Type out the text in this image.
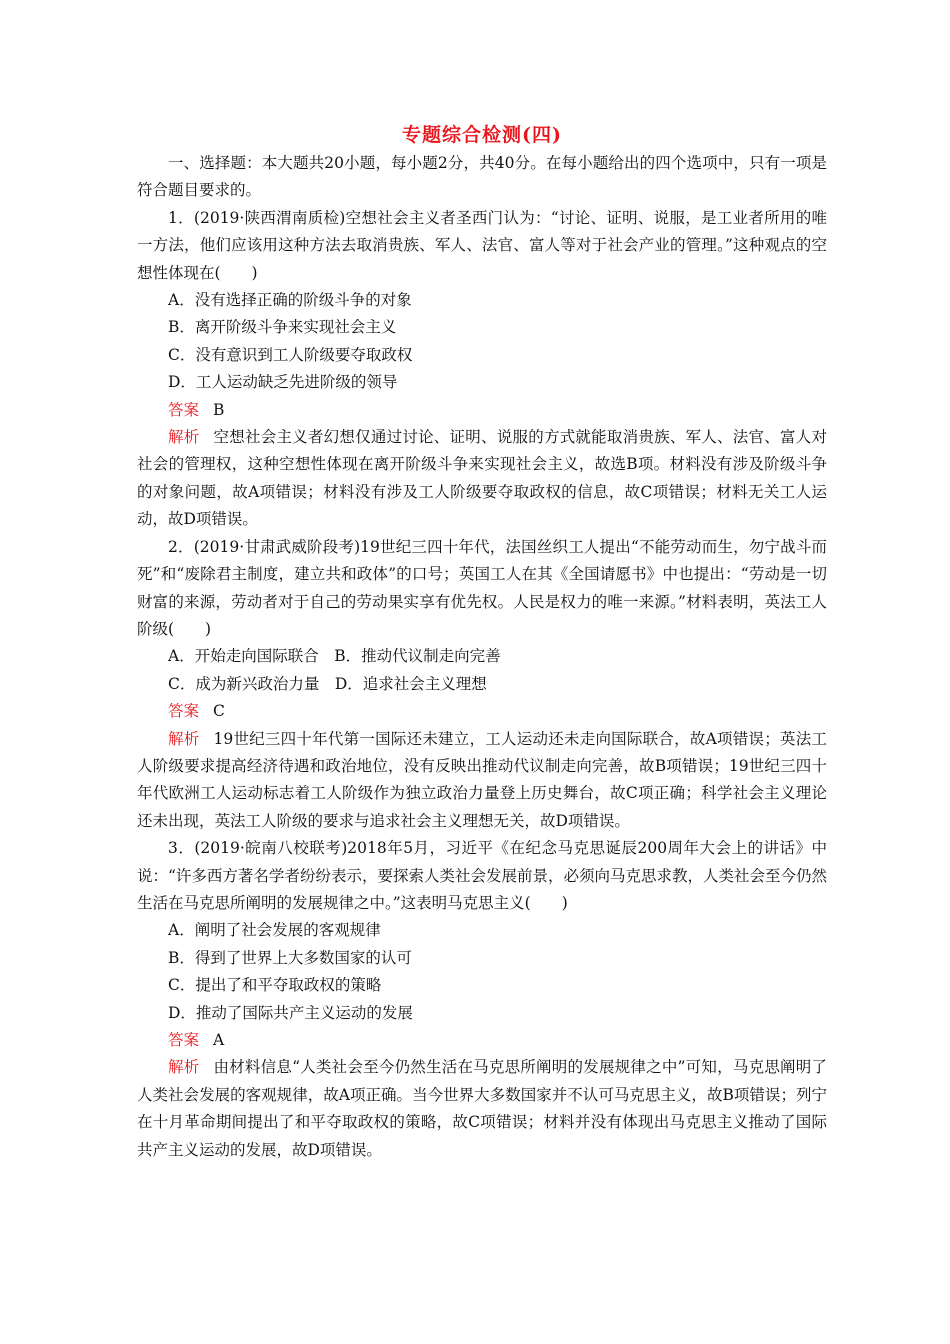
专题综合检测(四)

一、选择题：本大题共20小题，每小题2分，共40分。在每小题给出的四个选项中，只有一项是符合题目要求的。

1．(2019·陕西渭南质检)空想社会主义者圣西门认为：“讨论、证明、说服，是工业者所用的唯一方法，他们应该用这种方法去取消贵族、军人、法官、富人等对于社会产业的管理。”这种观点的空想性体现在(　　)

A．没有选择正确的阶级斗争的对象

B．离开阶级斗争来实现社会主义

C．没有意识到工人阶级要夺取政权

D．工人运动缺乏先进阶级的领导

答案 B

解析 空想社会主义者幻想仅通过讨论、证明、说服的方式就能取消贵族、军人、法官、富人对社会的管理权，这种空想性体现在离开阶级斗争来实现社会主义，故选B项。材料没有涉及阶级斗争的对象问题，故A项错误；材料没有涉及工人阶级要夺取政权的信息，故C项错误；材料无关工人运动，故D项错误。

2．(2019·甘肃武威阶段考)19世纪三四十年代，法国丝织工人提出“不能劳动而生，勿宁战斗而死”和“废除君主制度，建立共和政体”的口号；英国工人在其《全国请愿书》中也提出：“劳动是一切财富的来源，劳动者对于自己的劳动果实享有优先权。人民是权力的唯一来源。”材料表明，英法工人阶级(　　)

A．开始走向国际联合　B．推动代议制走向完善

C．成为新兴政治力量　D．追求社会主义理想

答案 C

解析 19世纪三四十年代第一国际还未建立，工人运动还未走向国际联合，故A项错误；英法工人阶级要求提高经济待遇和政治地位，没有反映出推动代议制走向完善，故B项错误；19世纪三四十年代欧洲工人运动标志着工人阶级作为独立政治力量登上历史舞台，故C项正确；科学社会主义理论还未出现，英法工人阶级的要求与追求社会主义理想无关，故D项错误。

3．(2019·皖南八校联考)2018年5月，习近平《在纪念马克思诞辰200周年大会上的讲话》中说：“许多西方著名学者纷纷表示，要探索人类社会发展前景，必须向马克思求教，人类社会至今仍然生活在马克思所阐明的发展规律之中。”这表明马克思主义(　　)

A．阐明了社会发展的客观规律

B．得到了世界上大多数国家的认可

C．提出了和平夺取政权的策略

D．推动了国际共产主义运动的发展

答案 A

解析 由材料信息“人类社会至今仍然生活在马克思所阐明的发展规律之中”可知，马克思阐明了人类社会发展的客观规律，故A项正确。当今世界大多数国家并不认可马克思主义，故B项错误；列宁在十月革命期间提出了和平夺取政权的策略，故C项错误；材料并没有体现出马克思主义推动了国际共产主义运动的发展，故D项错误。
